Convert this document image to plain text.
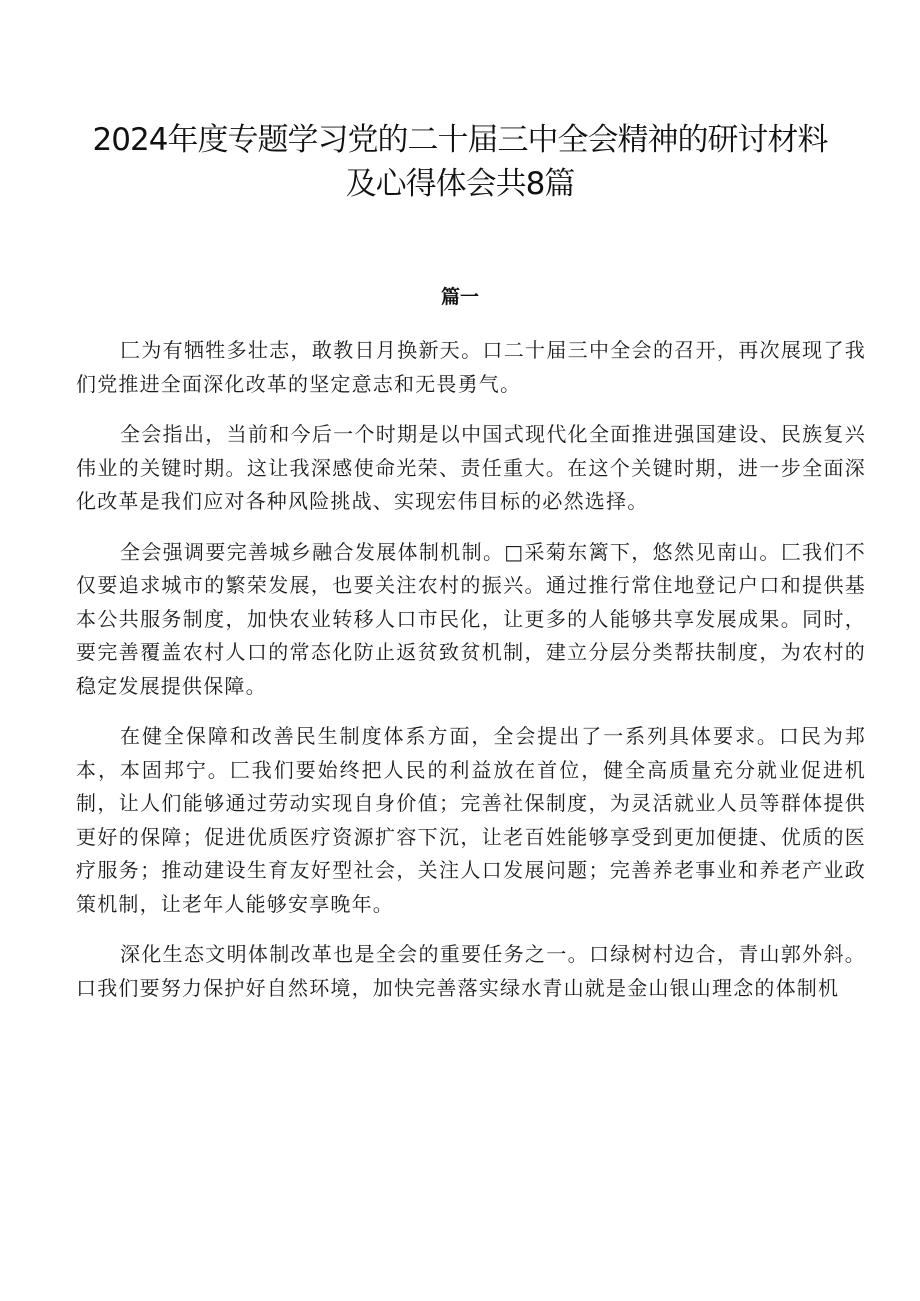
2024年度专题学习党的二十届三中全会精神的研讨材料及心得体会共8篇
篇一

匚为有牺牲多壮志，敢教日月换新天。口二十届三中全会的召开，再次展现了我们党推进全面深化改革的坚定意志和无畏勇气。

全会指出，当前和今后一个时期是以中国式现代化全面推进强国建设、民族复兴伟业的关键时期。这让我深感使命光荣、责任重大。在这个关键时期，进一步全面深化改革是我们应对各种风险挑战、实现宏伟目标的必然选择。

全会强调要完善城乡融合发展体制机制。□采菊东篱下，悠然见南山。匚我们不仅要追求城市的繁荣发展，也要关注农村的振兴。通过推行常住地登记户口和提供基本公共服务制度，加快农业转移人口市民化，让更多的人能够共享发展成果。同时，要完善覆盖农村人口的常态化防止返贫致贫机制，建立分层分类帮扶制度，为农村的稳定发展提供保障。

在健全保障和改善民生制度体系方面，全会提出了一系列具体要求。口民为邦本，本固邦宁。匚我们要始终把人民的利益放在首位，健全高质量充分就业促进机制，让人们能够通过劳动实现自身价值；完善社保制度，为灵活就业人员等群体提供更好的保障；促进优质医疗资源扩容下沉，让老百姓能够享受到更加便捷、优质的医疗服务；推动建设生育友好型社会，关注人口发展问题；完善养老事业和养老产业政策机制，让老年人能够安享晚年。

深化生态文明体制改革也是全会的重要任务之一。口绿树村边合，青山郭外斜。口我们要努力保护好自然环境，加快完善落实绿水青山就是金山银山理念的体制机
